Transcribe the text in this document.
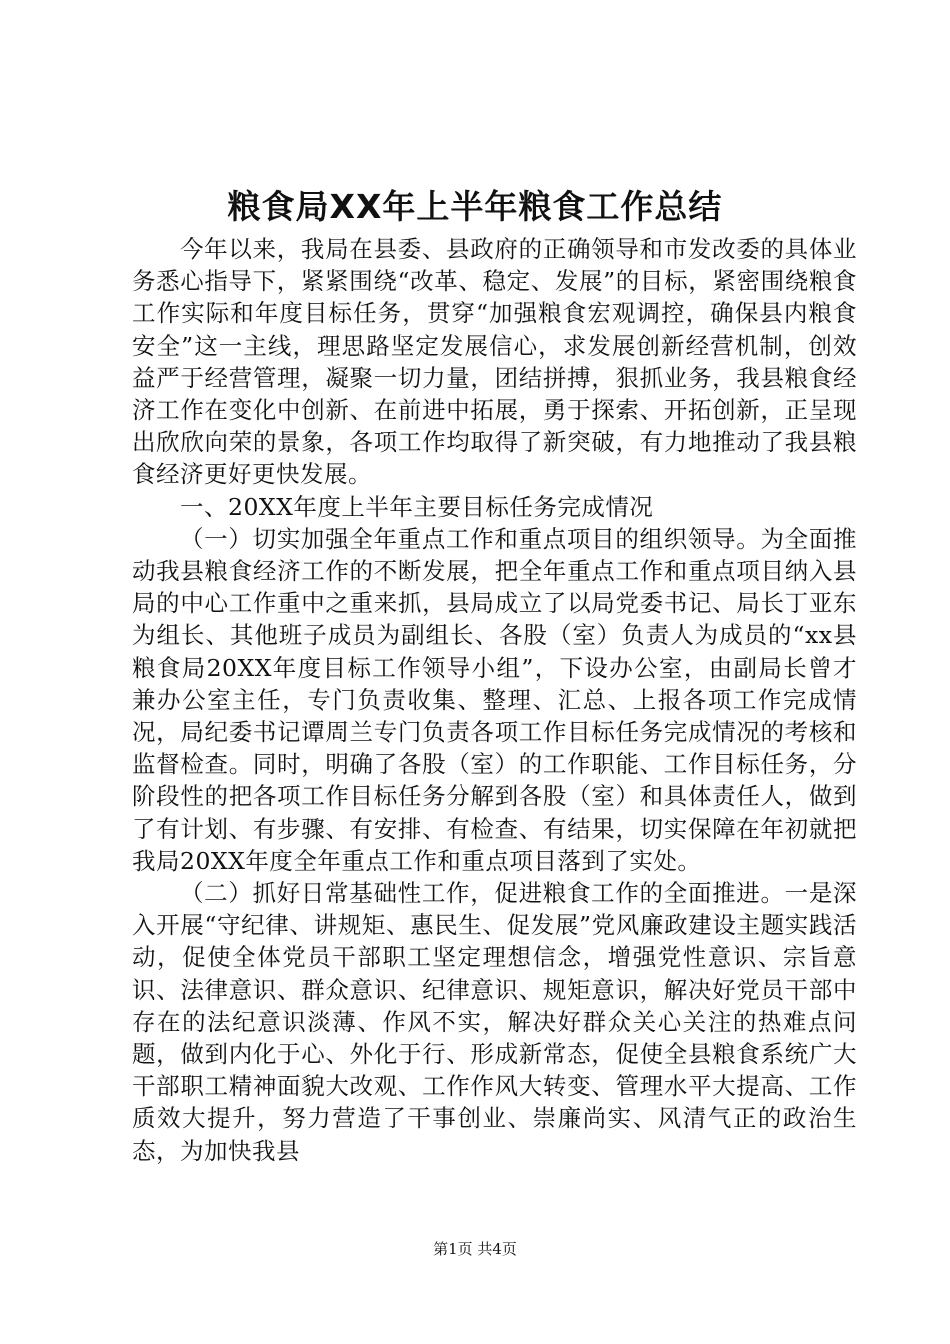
粮食局XX年上半年粮食工作总结

今年以来，我局在县委、县政府的正确领导和市发改委的具体业务悉心指导下，紧紧围绕“改革、稳定、发展”的目标，紧密围绕粮食工作实际和年度目标任务，贯穿“加强粮食宏观调控，确保县内粮食安全”这一主线，理思路坚定发展信心，求发展创新经营机制，创效益严于经营管理，凝聚一切力量，团结拼搏，狠抓业务，我县粮食经济工作在变化中创新、在前进中拓展，勇于探索、开拓创新，正呈现出欣欣向荣的景象，各项工作均取得了新突破，有力地推动了我县粮食经济更好更快发展。

一、20XX年度上半年主要目标任务完成情况

（一）切实加强全年重点工作和重点项目的组织领导。为全面推动我县粮食经济工作的不断发展，把全年重点工作和重点项目纳入县局的中心工作重中之重来抓，县局成立了以局党委书记、局长丁亚东为组长、其他班子成员为副组长、各股（室）负责人为成员的“xx县粮食局20XX年度目标工作领导小组”，下设办公室，由副局长曾才兼办公室主任，专门负责收集、整理、汇总、上报各项工作完成情况，局纪委书记谭周兰专门负责各项工作目标任务完成情况的考核和监督检查。同时，明确了各股（室）的工作职能、工作目标任务，分阶段性的把各项工作目标任务分解到各股（室）和具体责任人，做到了有计划、有步骤、有安排、有检查、有结果，切实保障在年初就把我局20XX年度全年重点工作和重点项目落到了实处。

（二）抓好日常基础性工作，促进粮食工作的全面推进。一是深入开展“守纪律、讲规矩、惠民生、促发展”党风廉政建设主题实践活动，促使全体党员干部职工坚定理想信念，增强党性意识、宗旨意识、法律意识、群众意识、纪律意识、规矩意识，解决好党员干部中存在的法纪意识淡薄、作风不实，解决好群众关心关注的热难点问题，做到内化于心、外化于行、形成新常态，促使全县粮食系统广大干部职工精神面貌大改观、工作作风大转变、管理水平大提高、工作质效大提升，努力营造了干事创业、崇廉尚实、风清气正的政治生态，为加快我县

第1页 共4页
